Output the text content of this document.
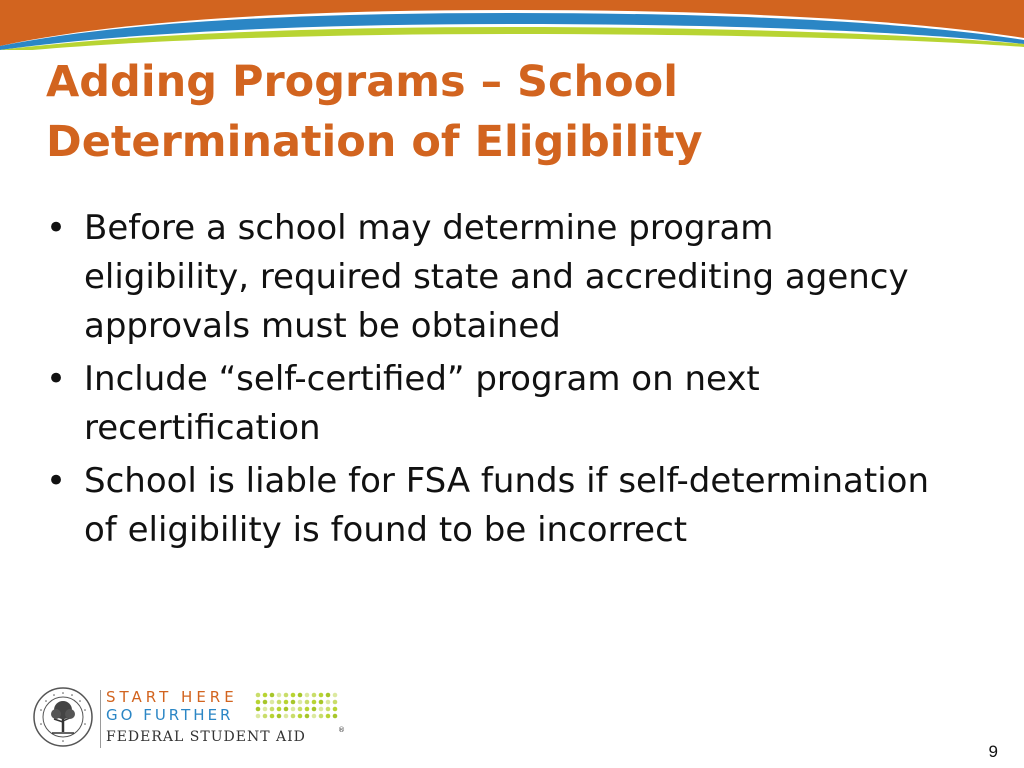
Adding Programs – School
Determination of Eligibility
• Before a school may determine program eligibility, required state and accrediting agency approvals must be obtained
• Include “self-certified” program on next recertification
• School is liable for FSA funds if self-determination of eligibility is found to be incorrect
START HERE
GO FURTHER
FEDERAL STUDENT AID	®
9
